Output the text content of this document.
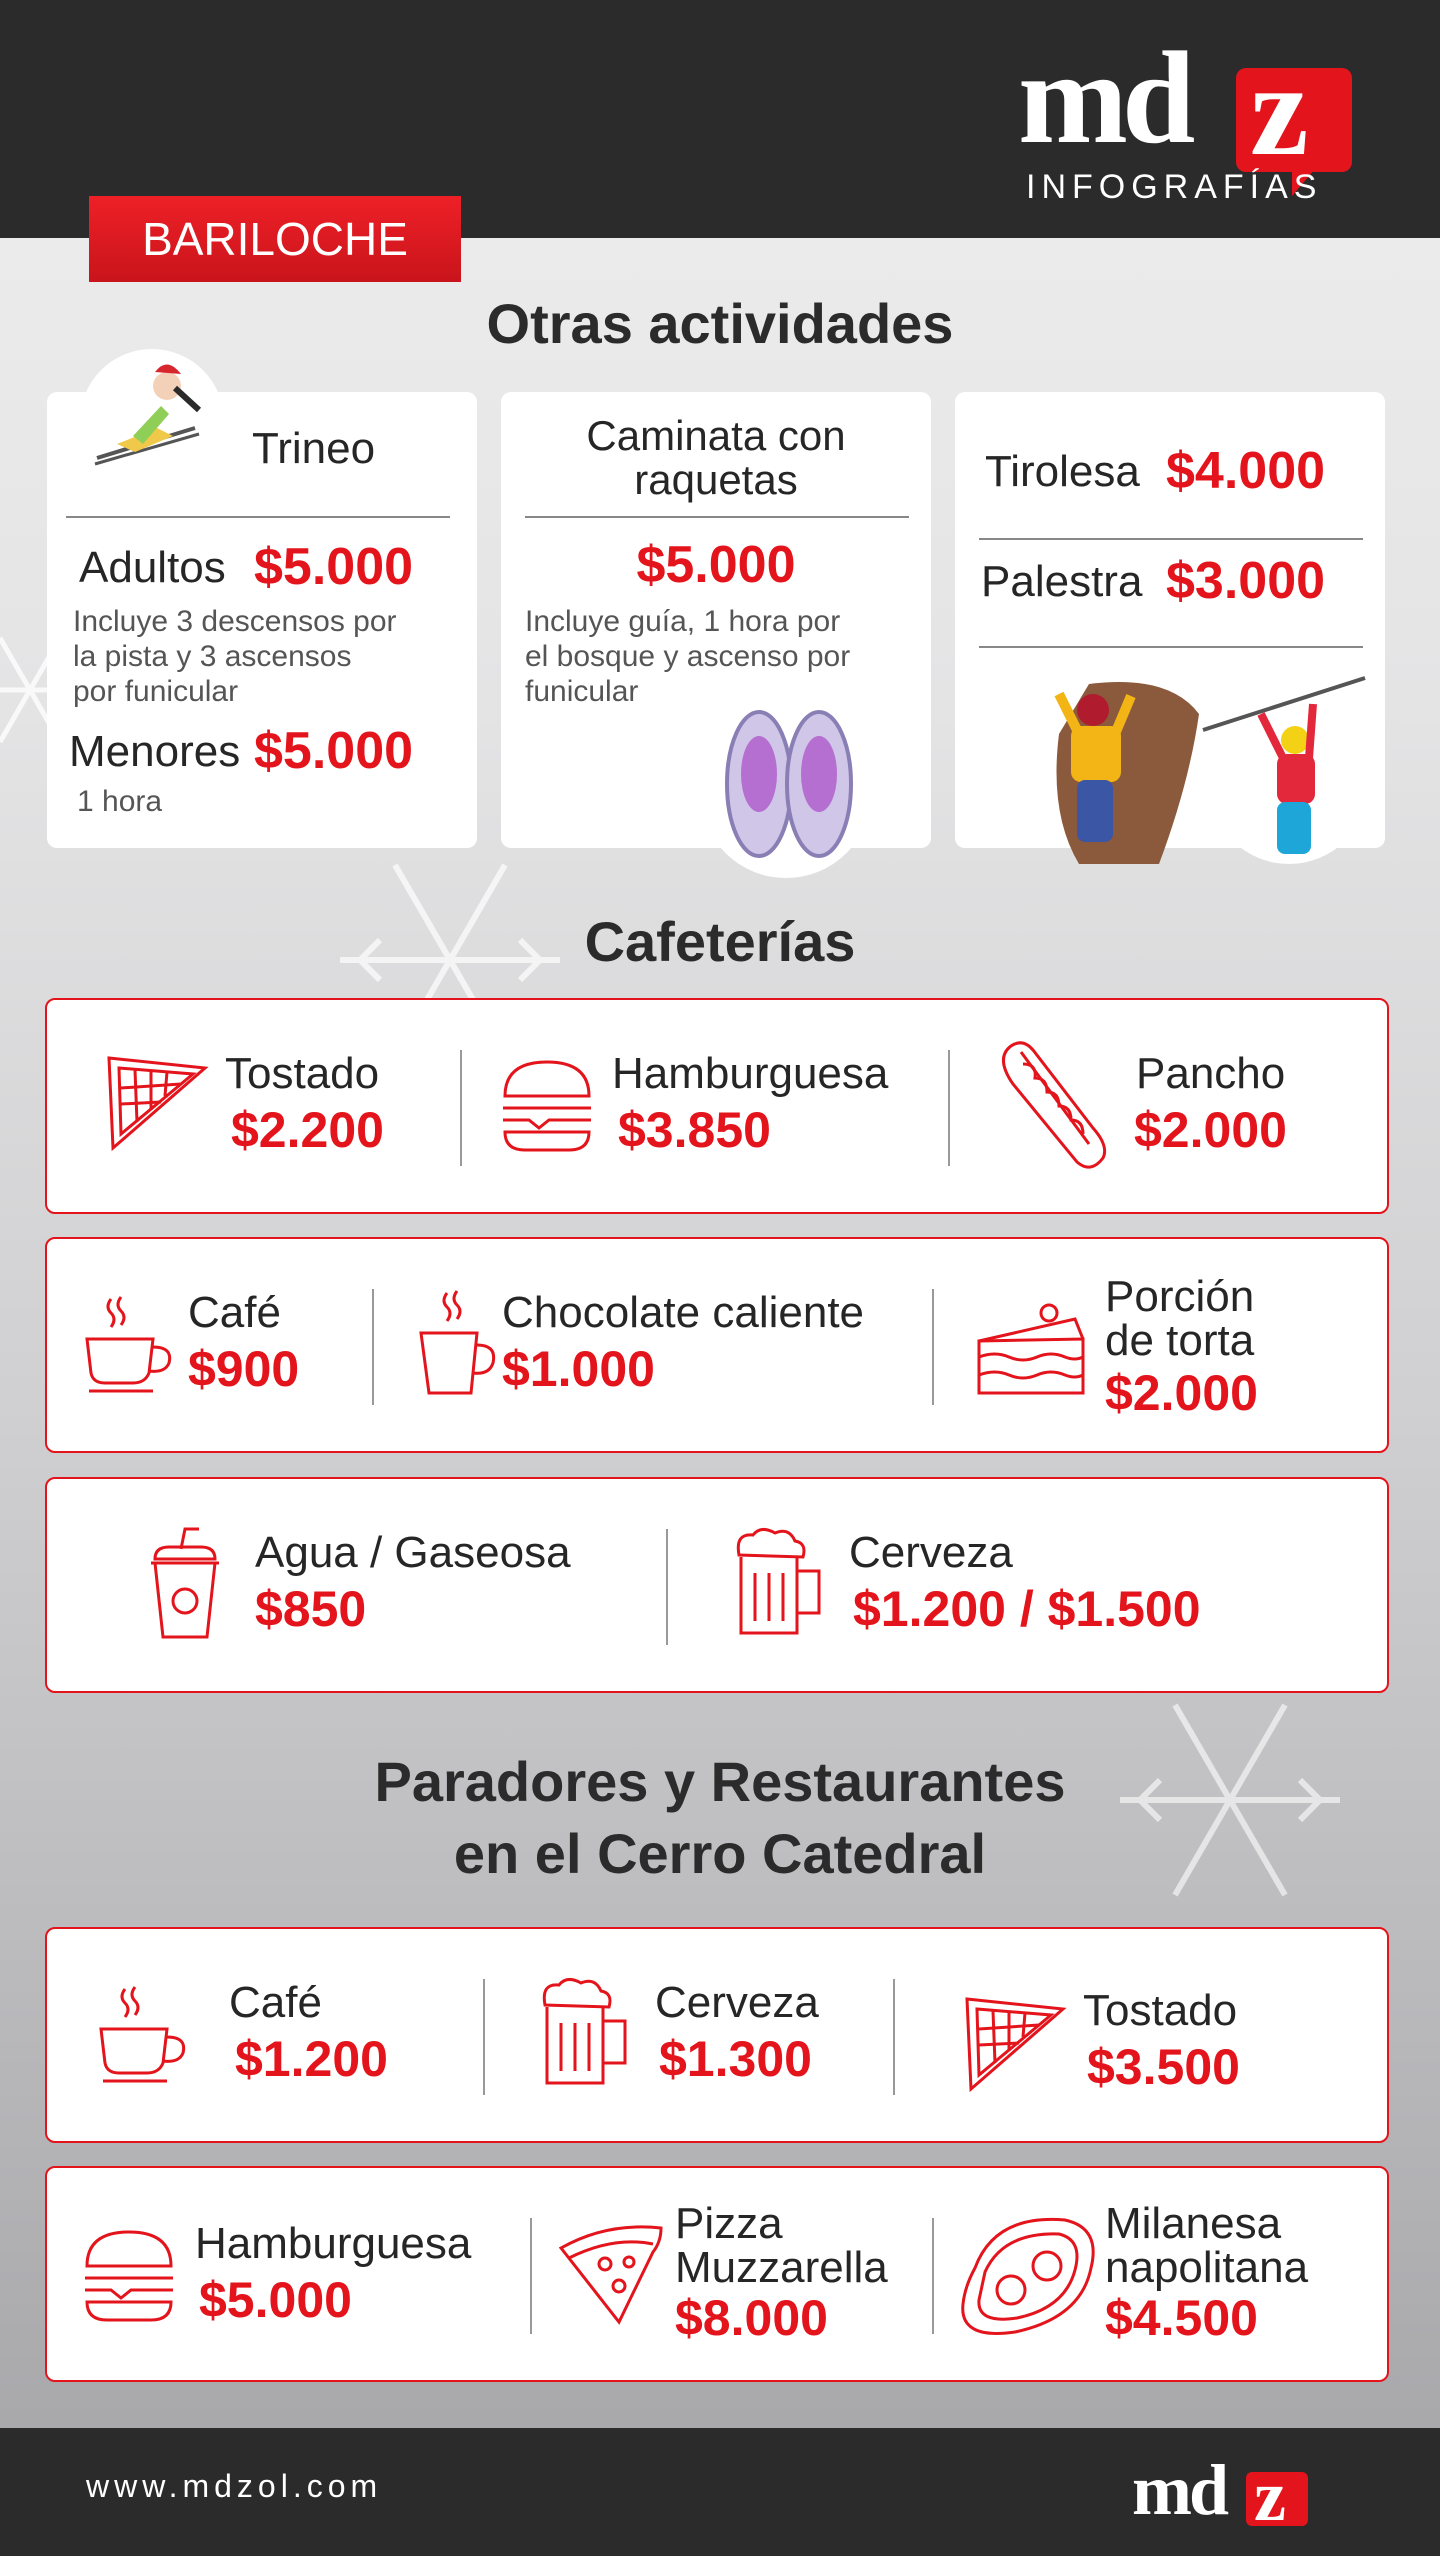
md z
INFOGRAFÍAS
BARILOCHE
Otras actividades
Trineo
Adultos $5.000
Incluye 3 descensos por
la pista y 3 ascensos
por funicular
Menores $5.000
1 hora
Caminata con
raquetas
$5.000
Incluye guía, 1 hora por
el bosque y ascenso por
funicular
Tirolesa $4.000
Palestra $3.000
Cafeterías
Tostado
$2.200
Hamburguesa
$3.850
Pancho
$2.000
Café
$900
Chocolate caliente
$1.000
Porción
de torta
$2.000
Agua / Gaseosa
$850
Cerveza
$1.200 / $1.500
Paradores y Restaurantes
en el Cerro Catedral
Café
$1.200
Cerveza
$1.300
Tostado
$3.500
Hamburguesa
$5.000
Pizza
Muzzarella
$8.000
Milanesa
napolitana
$4.500
www.mdzol.com	md z
